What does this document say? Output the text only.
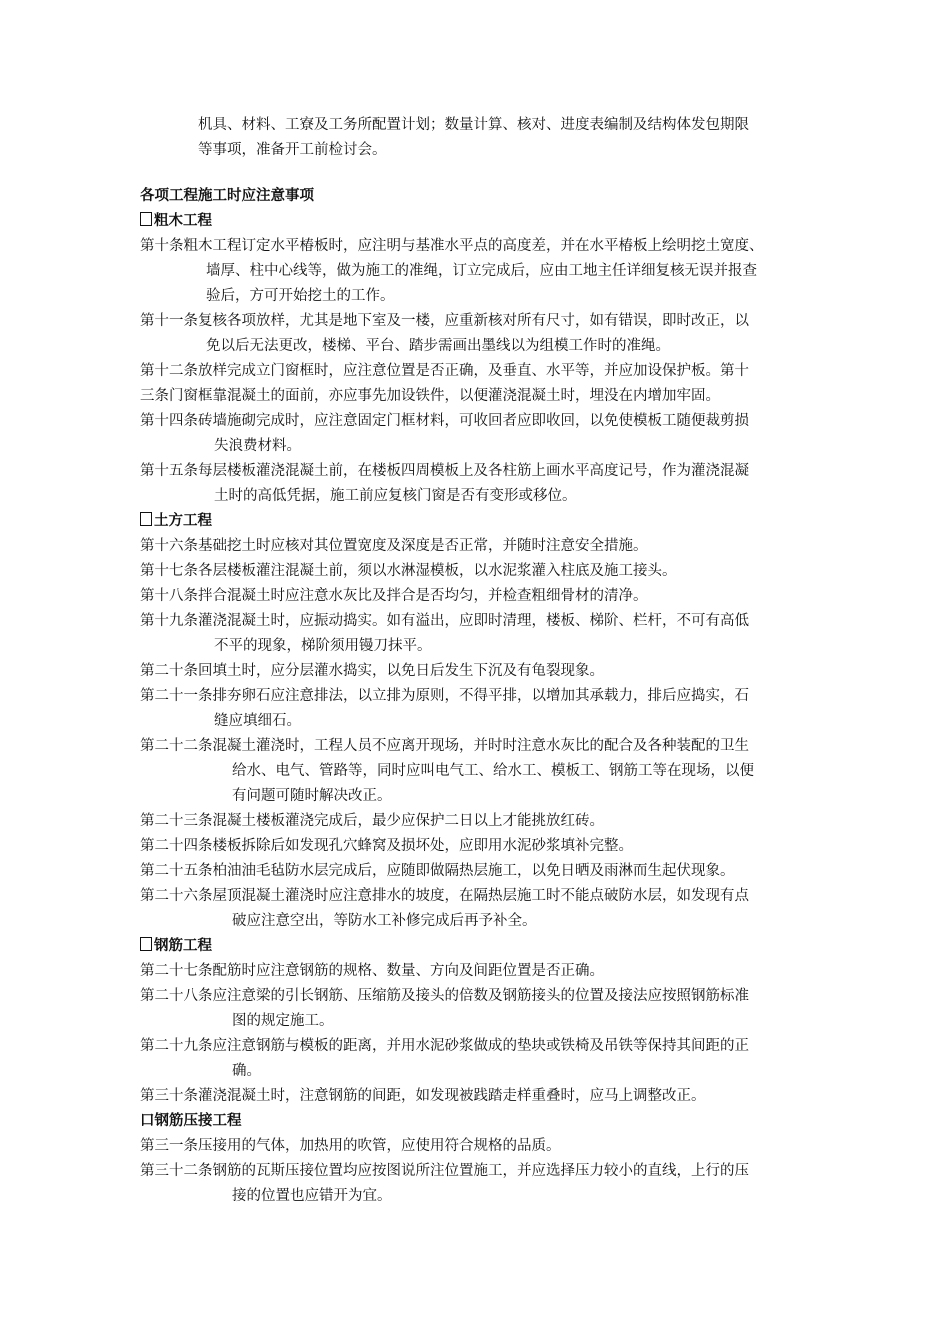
机具、材料、工寮及工务所配置计划；数量计算、核对、进度表编制及结构体发包期限
等事项，准备开工前检讨会。
各项工程施工时应注意事项
粗木工程
第十条粗木工程订定水平椿板时，应注明与基准水平点的高度差，并在水平椿板上绘明挖土宽度、
墙厚、柱中心线等，做为施工的准绳，订立完成后，应由工地主任详细复核无误并报查
验后，方可开始挖土的工作。
第十一条复核各项放样，尤其是地下室及一楼，应重新核对所有尺寸，如有错误，即时改正，以
免以后无法更改，楼梯、平台、踏步需画出墨线以为组模工作时的准绳。
第十二条放样完成立门窗框时，应注意位置是否正确，及垂直、水平等，并应加设保护板。第十
三条门窗框靠混凝土的面前，亦应事先加设铁件，以便灌浇混凝土时，埋没在内增加牢固。
第十四条砖墙施砌完成时，应注意固定门框材料，可收回者应即收回，以免使模板工随便裁剪损
失浪费材料。
第十五条每层楼板灌浇混凝土前，在楼板四周模板上及各柱筋上画水平高度记号，作为灌浇混凝
土时的高低凭据，施工前应复核门窗是否有变形或移位。
土方工程
第十六条基础挖土时应核对其位置宽度及深度是否正常，并随时注意安全措施。
第十七条各层楼板灌注混凝土前，须以水淋湿模板，以水泥浆灌入柱底及施工接头。
第十八条拌合混凝土时应注意水灰比及拌合是否均匀，并检查粗细骨材的清净。
第十九条灌浇混凝土时，应振动捣实。如有溢出，应即时清理，楼板、梯阶、栏杆，不可有高低
不平的现象，梯阶须用镘刀抹平。
第二十条回填土时，应分层灌水捣实，以免日后发生下沉及有龟裂现象。
第二十一条排夯卵石应注意排法，以立排为原则，不得平排，以增加其承载力，排后应捣实，石
缝应填细石。
第二十二条混凝土灌浇时，工程人员不应离开现场，并时时注意水灰比的配合及各种装配的卫生
给水、电气、管路等，同时应叫电气工、给水工、模板工、钢筋工等在现场，以便
有问题可随时解决改正。
第二十三条混凝土楼板灌浇完成后，最少应保护二日以上才能挑放红砖。
第二十四条楼板拆除后如发现孔穴蜂窝及损坏处，应即用水泥砂浆填补完整。
第二十五条柏油油毛毡防水层完成后，应随即做隔热层施工，以免日晒及雨淋而生起伏现象。
第二十六条屋顶混凝土灌浇时应注意排水的坡度，在隔热层施工时不能点破防水层，如发现有点
破应注意空出，等防水工补修完成后再予补全。
钢筋工程
第二十七条配筋时应注意钢筋的规格、数量、方向及间距位置是否正确。
第二十八条应注意梁的引长钢筋、压缩筋及接头的倍数及钢筋接头的位置及接法应按照钢筋标准
图的规定施工。
第二十九条应注意钢筋与模板的距离，并用水泥砂浆做成的垫块或铁椅及吊铁等保持其间距的正
确。
第三十条灌浇混凝土时，注意钢筋的间距，如发现被践踏走样重叠时，应马上调整改正。
口钢筋压接工程
第三一条压接用的气体，加热用的吹管，应使用符合规格的品质。
第三十二条钢筋的瓦斯压接位置均应按图说所注位置施工，并应选择压力较小的直线，上行的压
接的位置也应错开为宜。
